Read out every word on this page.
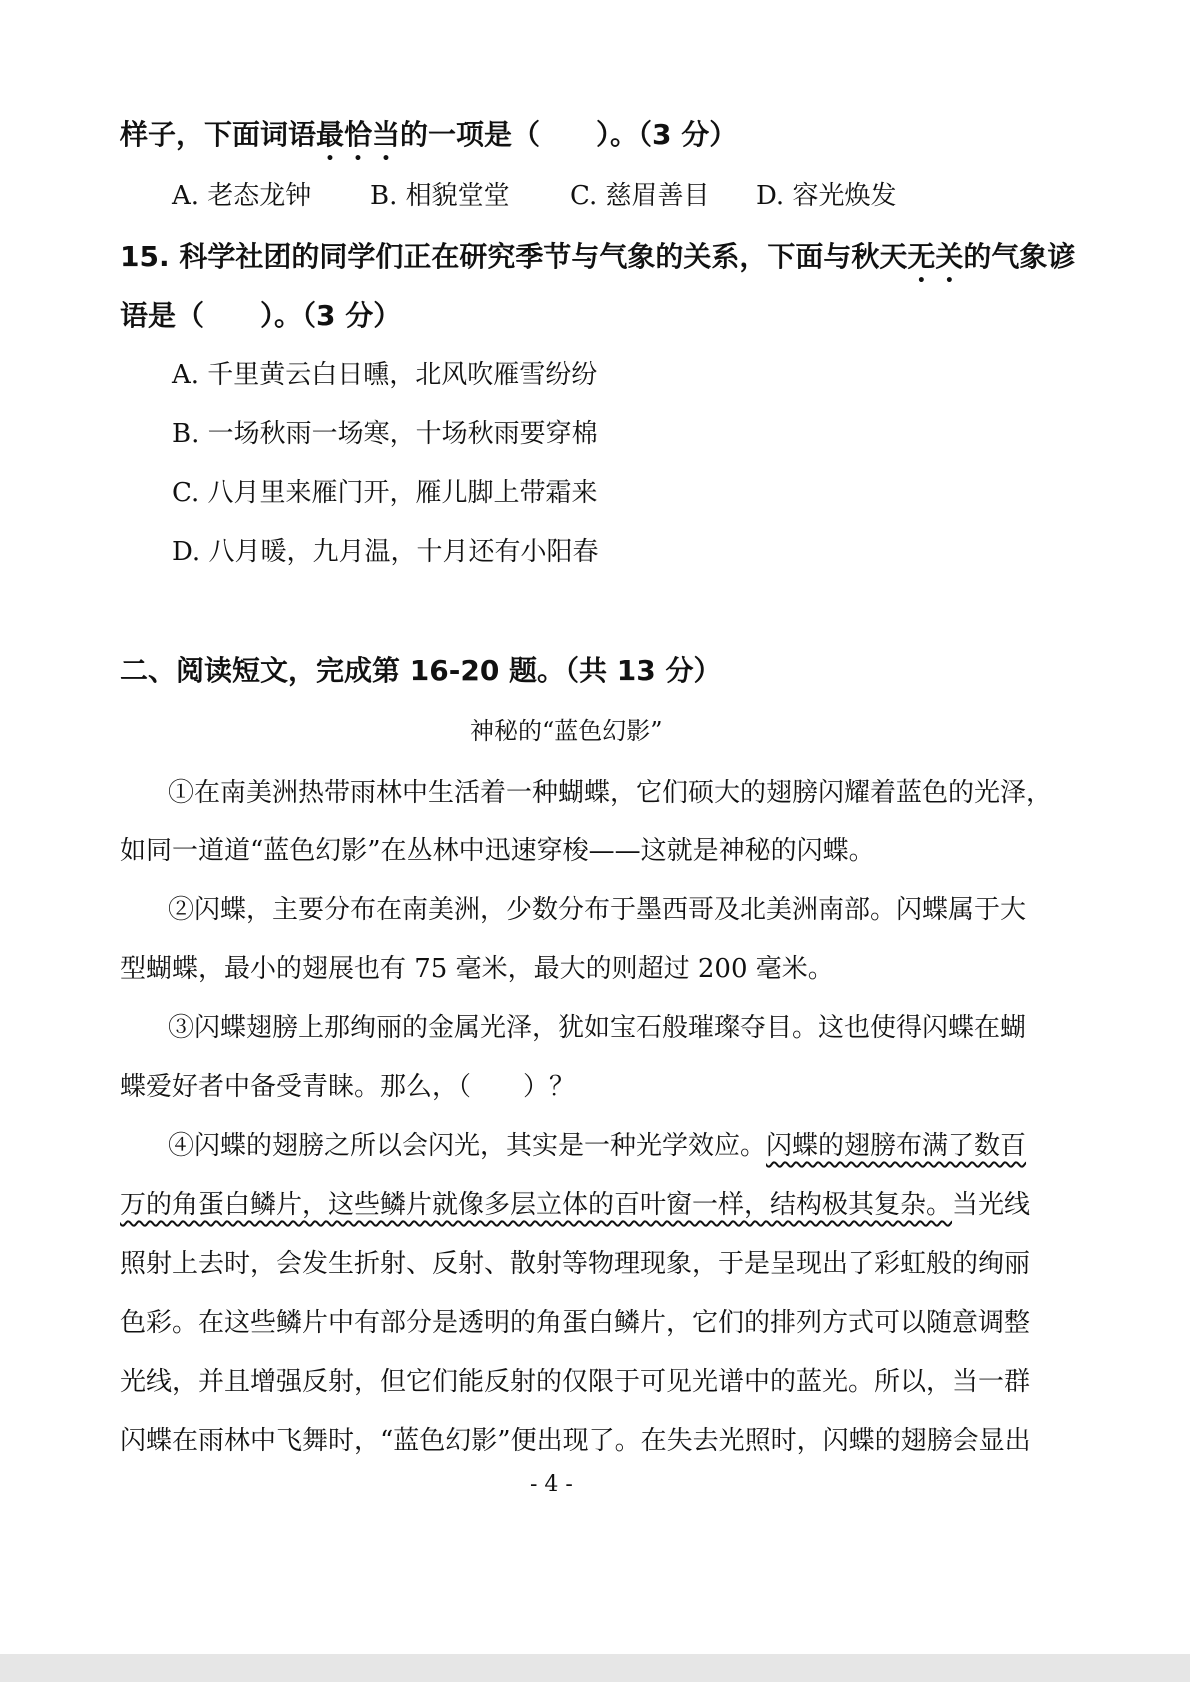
样子，下面词语最恰当的一项是（　　）。（3 分）
A. 老态龙钟 B. 相貌堂堂 C. 慈眉善目 D. 容光焕发
15. 科学社团的同学们正在研究季节与气象的关系，下面与秋天无关的气象谚
语是（　　）。（3 分）
A. 千里黄云白日曛，北风吹雁雪纷纷
B. 一场秋雨一场寒，十场秋雨要穿棉
C. 八月里来雁门开，雁儿脚上带霜来
D. 八月暖，九月温，十月还有小阳春
二、阅读短文，完成第 16-20 题。（共 13 分）
神秘的“蓝色幻影”
①在南美洲热带雨林中生活着一种蝴蝶，它们硕大的翅膀闪耀着蓝色的光泽，
如同一道道“蓝色幻影”在丛林中迅速穿梭——这就是神秘的闪蝶。
②闪蝶，主要分布在南美洲，少数分布于墨西哥及北美洲南部。闪蝶属于大
型蝴蝶，最小的翅展也有 75 毫米，最大的则超过 200 毫米。
③闪蝶翅膀上那绚丽的金属光泽，犹如宝石般璀璨夺目。这也使得闪蝶在蝴
蝶爱好者中备受青睐。那么，（　　）？
④闪蝶的翅膀之所以会闪光，其实是一种光学效应。闪蝶的翅膀布满了数百
万的角蛋白鳞片，这些鳞片就像多层立体的百叶窗一样，结构极其复杂。当光线
照射上去时，会发生折射、反射、散射等物理现象，于是呈现出了彩虹般的绚丽
色彩。在这些鳞片中有部分是透明的角蛋白鳞片，它们的排列方式可以随意调整
光线，并且增强反射，但它们能反射的仅限于可见光谱中的蓝光。所以，当一群
闪蝶在雨林中飞舞时，“蓝色幻影”便出现了。在失去光照时，闪蝶的翅膀会显出
- 4 -
